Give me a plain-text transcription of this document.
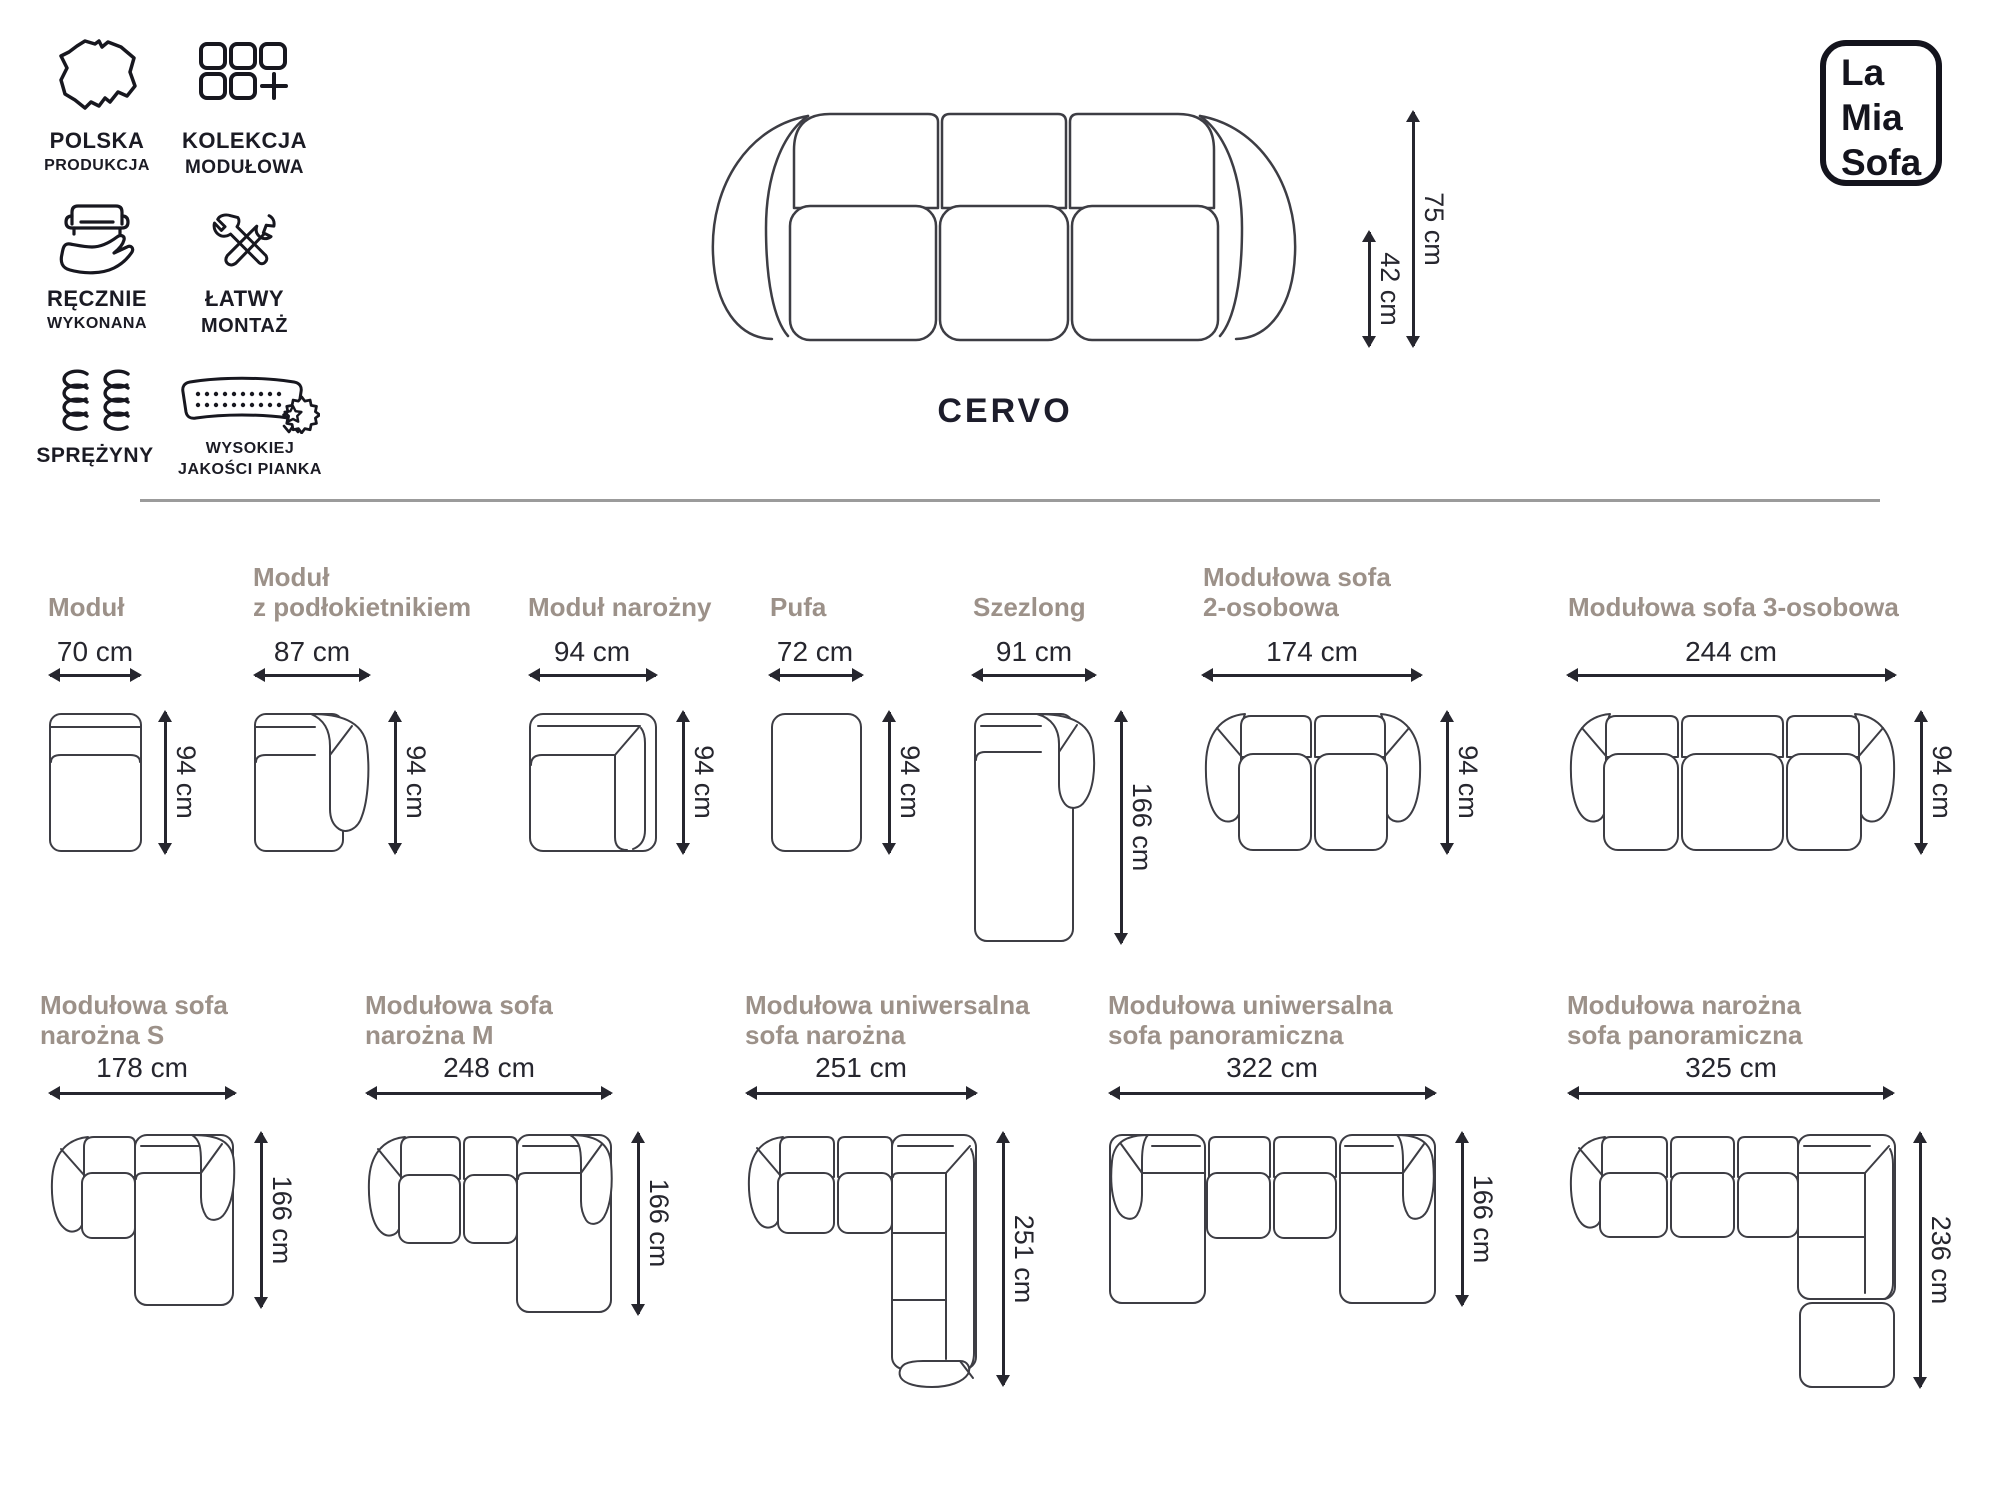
POLSKA
PRODUKCJA
KOLEKCJA
MODUŁOWA
RĘCZNIE
WYKONANA
ŁATWY
MONTAŻ
SPRĘŻYNY	WYSOKIEJ
JAKOŚCI PIANKA
La
Mia
Sofa
42 cm
75 cm
CERVO
Moduł
70 cm
94 cm
Moduł
z podłokietnikiem
87 cm
94 cm
Moduł narożny
94 cm
94 cm
Pufa
72 cm
94 cm
Szezlong
91 cm
166 cm
Modułowa sofa
2-osobowa
174 cm
94 cm
Modułowa sofa 3-osobowa
244 cm
94 cm
Modułowa sofa
narożna S
178 cm
166 cm
Modułowa sofa
narożna M
248 cm
166 cm
Modułowa uniwersalna
sofa narożna
251 cm
251 cm
Modułowa uniwersalna
sofa panoramiczna
322 cm
166 cm
Modułowa narożna
sofa panoramiczna
325 cm
236 cm
